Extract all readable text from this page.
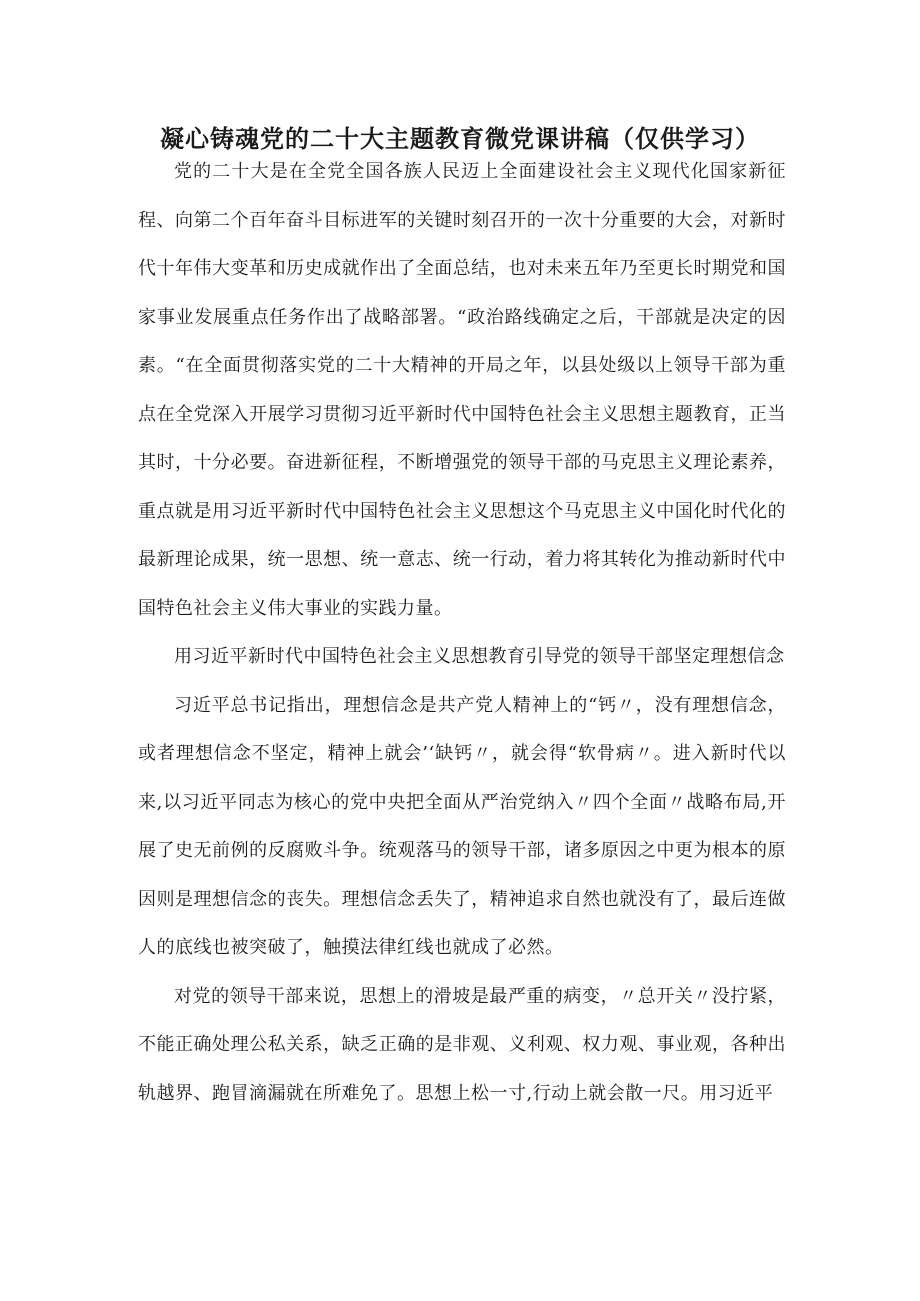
凝心铸魂党的二十大主题教育微党课讲稿（仅供学习）

党的二十大是在全党全国各族人民迈上全面建设社会主义现代化国家新征程、向第二个百年奋斗目标进军的关键时刻召开的一次十分重要的大会，对新时代十年伟大变革和历史成就作出了全面总结，也对未来五年乃至更长时期党和国家事业发展重点任务作出了战略部署。“政治路线确定之后，干部就是决定的因素。“在全面贯彻落实党的二十大精神的开局之年，以县处级以上领导干部为重点在全党深入开展学习贯彻习近平新时代中国特色社会主义思想主题教育，正当其时，十分必要。奋进新征程，不断增强党的领导干部的马克思主义理论素养，重点就是用习近平新时代中国特色社会主义思想这个马克思主义中国化时代化的最新理论成果，统一思想、统一意志、统一行动，着力将其转化为推动新时代中国特色社会主义伟大事业的实践力量。

用习近平新时代中国特色社会主义思想教育引导党的领导干部坚定理想信念

习近平总书记指出，理想信念是共产党人精神上的“钙〃，没有理想信念，或者理想信念不坚定，精神上就会’‘缺钙〃，就会得“软骨病〃。进入新时代以来,以习近平同志为核心的党中央把全面从严治党纳入〃四个全面〃战略布局,开展了史无前例的反腐败斗争。统观落马的领导干部，诸多原因之中更为根本的原因则是理想信念的丧失。理想信念丢失了，精神追求自然也就没有了，最后连做人的底线也被突破了，触摸法律红线也就成了必然。

对党的领导干部来说，思想上的滑坡是最严重的病变，〃总开关〃没拧紧，不能正确处理公私关系，缺乏正确的是非观、义利观、权力观、事业观，各种出轨越界、跑冒滴漏就在所难免了。思想上松一寸,行动上就会散一尺。用习近平
